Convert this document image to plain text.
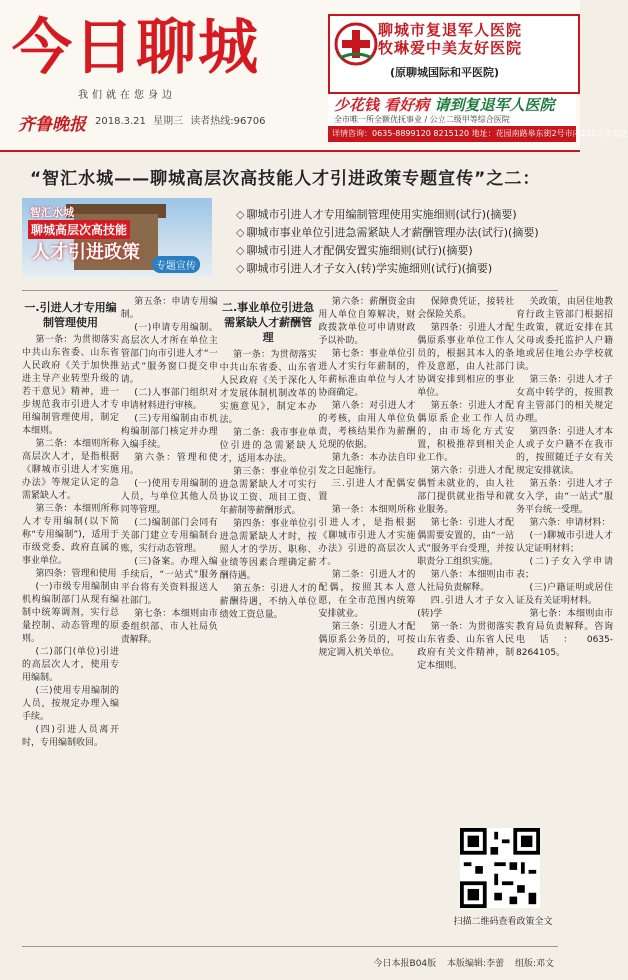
今日聊城
我们就在您身边
齐鲁晚报 2018.3.21 星期三 读者热线:96706
聊城市复退军人医院
牧琳爱中美友好医院
(原聊城国际和平医院)
少花钱 看好病 请到复退军人医院
全市唯一所全额优抚事业 / 公立二级甲等综合医院
详情咨询：0635-8899120 8215120 地址：花园南路皋东街2号市内235公交直达
“智汇水城——聊城高层次高技能人才引进政策专题宣传”之二：
智汇水城
聊城高层次高技能
人才引进政策
专题宣传
◇ 聊城市引进人才专用编制管理使用实施细则(试行)(摘要)
◇ 聊城市事业单位引进急需紧缺人才薪酬管理办法(试行)(摘要)
◇ 聊城市引进人才配偶安置实施细则(试行)(摘要)
◇ 聊城市引进人才子女入(转)学实施细则(试行)(摘要)
一.引进人才专用编制管理使用

第一条：为贯彻落实中共山东省委、山东省人民政府《关于加快推进主导产业转型升级的若干意见》精神，进一步规范我市引进人才专用编制管理使用，制定本细则。

第二条：本细则所称高层次人才，是指根据《聊城市引进人才实施办法》等规定认定的急需紧缺人才。

第三条：本细则所称人才专用编制(以下简称“专用编制”)，适用于市级党委、政府直属的事业单位。

第四条：管理和使用

(一)市级专用编制由机构编制部门从现有编制中统筹调剂，实行总量控制、动态管理的原则。

(二)部门(单位)引进的高层次人才，使用专用编制。

(三)使用专用编制的人员，按规定办理入编手续。

(四)引进人员离开时，专用编制收回。

第五条：申请专用编制。

(一)申请专用编制。高层次人才所在单位主管部门向市引进人才“一站式”服务窗口提交申请。

(二)人事部门组织对申请材料进行审核。

(三)专用编制由市机构编制部门核定并办理入编手续。

第六条：管理和使用。

(一)使用专用编制的人员，与单位其他人员同等管理。

(二)编制部门会同有关部门建立专用编制台账，实行动态管理。

(三)备案。办理入编手续后，“一站式”服务平台将有关资料报送人社部门。

第七条：本细则由市委组织部、市人社局负责解释。

二.事业单位引进急需紧缺人才薪酬管理

第一条：为贯彻落实中共山东省委、山东省人民政府《关于深化人才发展体制机制改革的实施意见》，制定本办法。

第二条：我市事业单位引进的急需紧缺人才，适用本办法。

第三条：事业单位引进急需紧缺人才可实行协议工资、项目工资、年薪制等薪酬形式。

第四条：事业单位引进急需紧缺人才时，按照人才的学历、职称、业绩等因素合理确定薪酬待遇。

第五条：引进人才的薪酬待遇，不纳入单位绩效工资总量。

第六条：薪酬资金由用人单位自筹解决，财政拨款单位可申请财政予以补助。

第七条：事业单位引进人才实行年薪制的，年薪标准由单位与人才协商确定。

第八条：对引进人才的考核，由用人单位负责，考核结果作为薪酬兑现的依据。

第九条：本办法自印发之日起施行。

三.引进人才配偶安置

第一条：本细则所称引进人才，是指根据《聊城市引进人才实施办法》引进的高层次人才。

第二条：引进人才的配偶，按照其本人意愿，在全市范围内统筹安排就业。

第三条：引进人才配偶原系公务员的，可按规定调入机关单位。

保障费凭证，接转社会保险关系。

第四条：引进人才配偶原系事业单位工作人员的，根据其本人的条件及意愿，由人社部门协调安排到相应的事业单位。

第五条：引进人才配偶原系企业工作人员的，由市场化方式安置，积极推荐到相关企业工作。

第六条：引进人才配偶暂未就业的，由人社部门提供就业指导和就业服务。

第七条：引进人才配偶需要安置的，由“一站式”服务平台受理，并按职责分工组织实施。

第八条：本细则由市人社局负责解释。

四.引进人才子女入(转)学

第一条：为贯彻落实山东省委、山东省人民政府有关文件精神，制定本细则。

关政策，由居住地教育行政主管部门根据招生政策，就近安排在其父母或委托监护人户籍地或居住地公办学校就读。

第三条：引进人才子女高中转学的，按照教育主管部门的相关规定办理。

第四条：引进人才本人或子女户籍不在我市的，按照随迁子女有关规定安排就读。

第五条：引进人才子女入学，由“一站式”服务平台统一受理。

第六条：申请材料：

(一)聊城市引进人才认定证明材料；

(二)子女入学申请表；

(三)户籍证明或居住证及有关证明材料。

第七条：本细则由市教育局负责解释。咨询电话：0635-8264105。

扫描二维码查看政策全文
今日本报B04版 本版编辑:李蕾 组版:邓文
